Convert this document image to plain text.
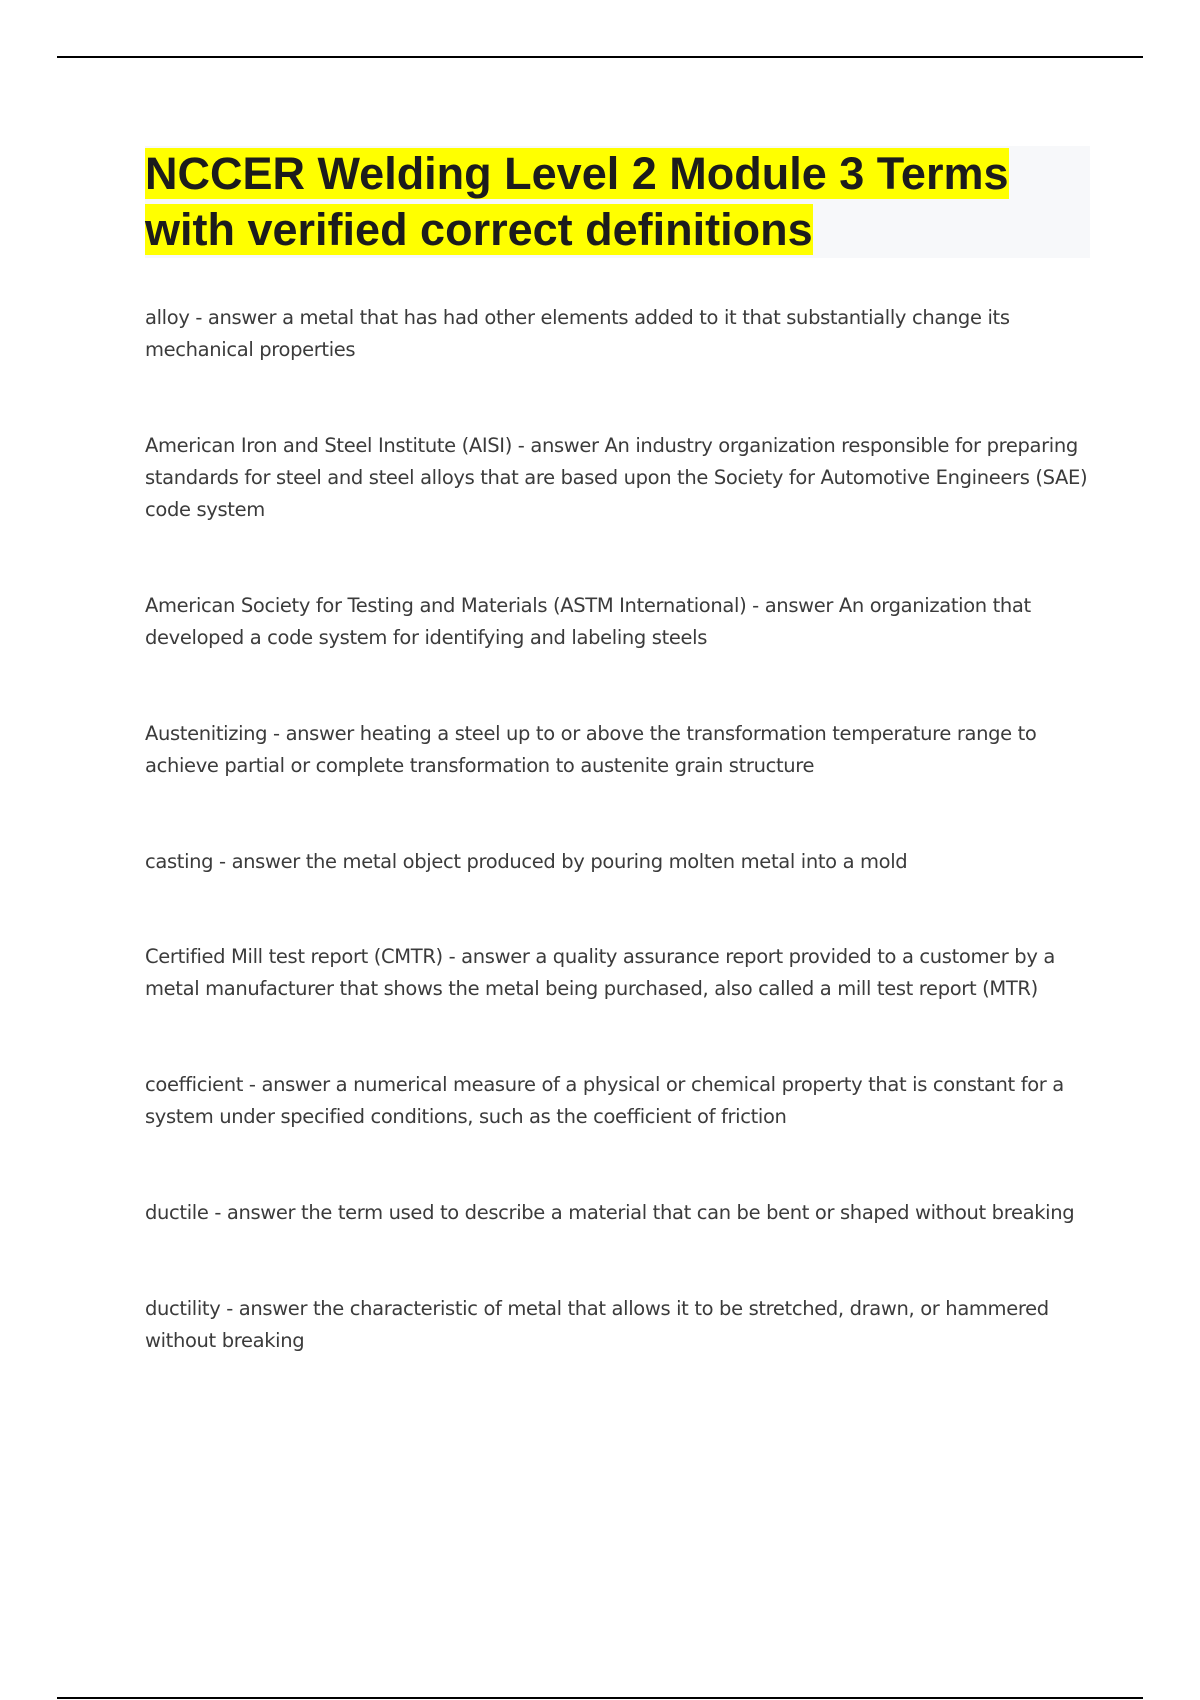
NCCER Welding Level 2 Module 3 Terms with verified correct definitions
alloy - answer a metal that has had other elements added to it that substantially change its mechanical properties
American Iron and Steel Institute (AISI) - answer An industry organization responsible for preparing standards for steel and steel alloys that are based upon the Society for Automotive Engineers (SAE) code system
American Society for Testing and Materials (ASTM International) - answer An organization that developed a code system for identifying and labeling steels
Austenitizing - answer heating a steel up to or above the transformation temperature range to achieve partial or complete transformation to austenite grain structure
casting - answer the metal object produced by pouring molten metal into a mold
Certified Mill test report (CMTR) - answer a quality assurance report provided to a customer by a metal manufacturer that shows the metal being purchased, also called a mill test report (MTR)
coefficient - answer a numerical measure of a physical or chemical property that is constant for a system under specified conditions, such as the coefficient of friction
ductile - answer the term used to describe a material that can be bent or shaped without breaking
ductility - answer the characteristic of metal that allows it to be stretched, drawn, or hammered without breaking
